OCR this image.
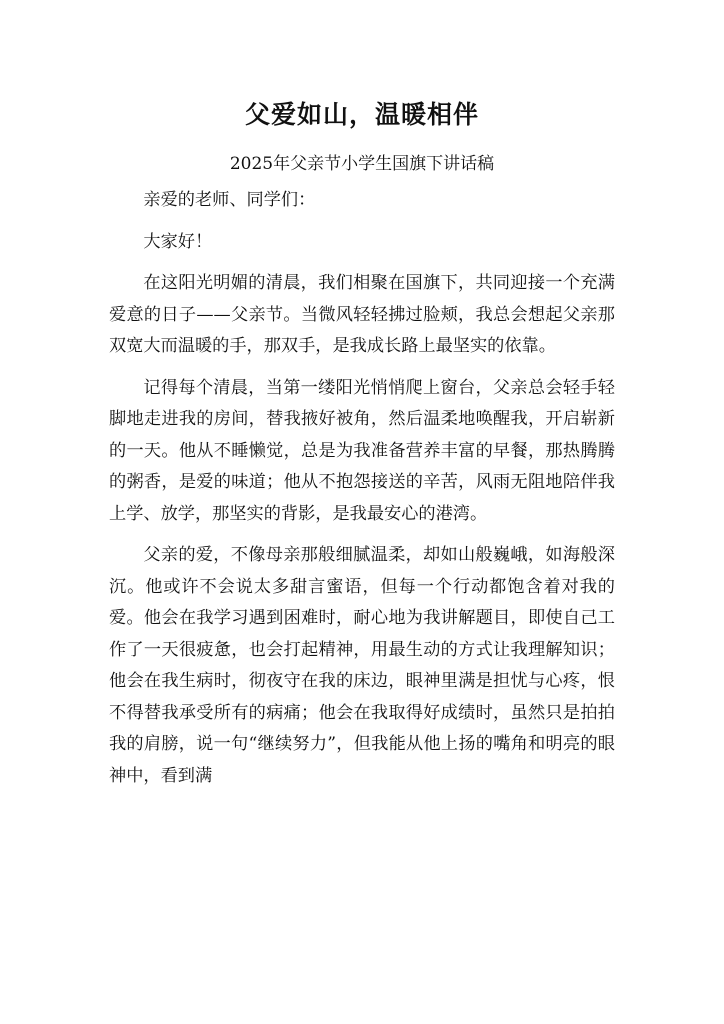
父爱如山，温暖相伴
2025年父亲节小学生国旗下讲话稿

亲爱的老师、同学们：

大家好！

在这阳光明媚的清晨，我们相聚在国旗下，共同迎接一个充满爱意的日子——父亲节。当微风轻轻拂过脸颊，我总会想起父亲那双宽大而温暖的手，那双手，是我成长路上最坚实的依靠。

记得每个清晨，当第一缕阳光悄悄爬上窗台，父亲总会轻手轻脚地走进我的房间，替我掖好被角，然后温柔地唤醒我，开启崭新的一天。他从不睡懒觉，总是为我准备营养丰富的早餐，那热腾腾的粥香，是爱的味道；他从不抱怨接送的辛苦，风雨无阻地陪伴我上学、放学，那坚实的背影，是我最安心的港湾。

父亲的爱，不像母亲那般细腻温柔，却如山般巍峨，如海般深沉。他或许不会说太多甜言蜜语，但每一个行动都饱含着对我的爱。他会在我学习遇到困难时，耐心地为我讲解题目，即使自己工作了一天很疲惫，也会打起精神，用最生动的方式让我理解知识；他会在我生病时，彻夜守在我的床边，眼神里满是担忧与心疼，恨不得替我承受所有的病痛；他会在我取得好成绩时，虽然只是拍拍我的肩膀，说一句“继续努力”，但我能从他上扬的嘴角和明亮的眼神中，看到满
